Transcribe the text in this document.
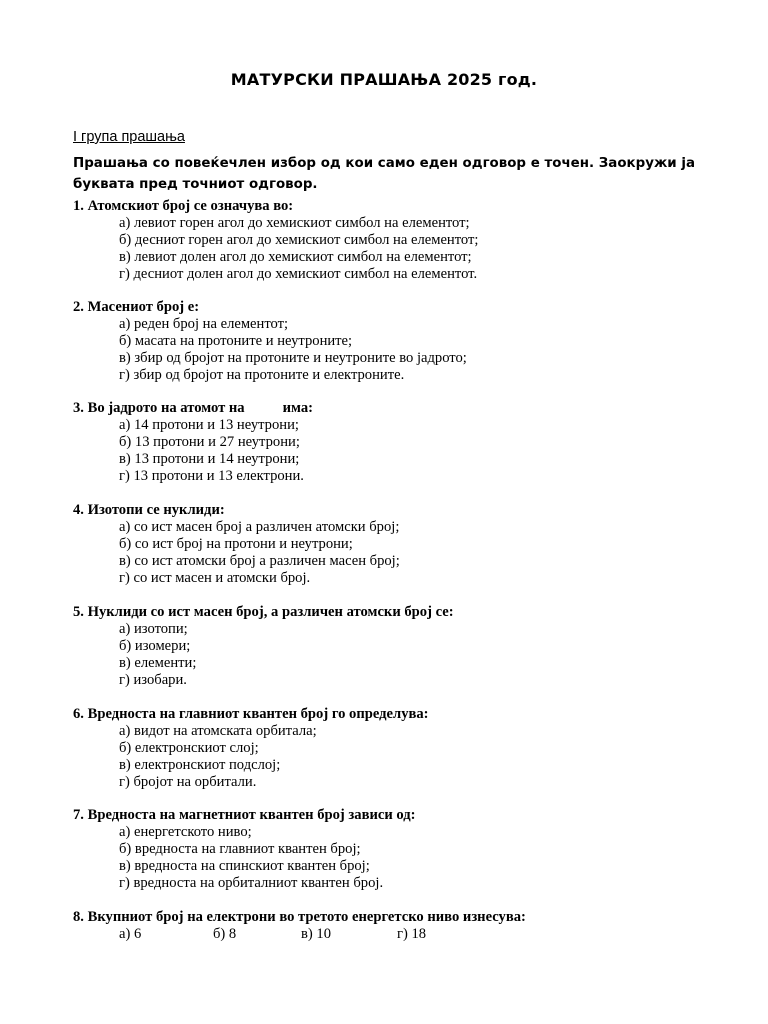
МАТУРСКИ ПРАШАЊА 2025 год.
I група прашања
Прашања со повеќечлен избор од кои само еден одговор е точен. Заокружи ја буквата пред точниот одговор.
1. Атомскиот број се означува во:
а) левиот горен агол до хемискиот симбол на елементот;
б) десниот горен агол до хемискиот симбол на елементот;
в) левиот долен агол до хемискиот симбол на елементот;
г) десниот долен агол до хемискиот симбол на елементот.
2. Масениот број е:
а) реден број на елементот;
б) масата на протоните и неутроните;
в) збир од бројот на протоните и неутроните во јадрото;
г) збир од бројот на протоните и електроните.
3. Во јадрото на атомот на	има:
а) 14 протони и 13 неутрони;
б) 13 протони и 27 неутрони;
в) 13 протони и 14 неутрони;
г) 13 протони и 13 електрони.
4. Изотопи се нуклиди:
а) со ист масен број а различен атомски број;
б) со ист број на протони и неутрони;
в) со ист атомски број а различен масен број;
г) со ист масен и атомски број.
5. Нуклиди со ист масен број, а различен атомски број се:
а) изотопи;
б) изомери;
в) елементи;
г) изобари.
6. Вредноста на главниот квантен број го определува:
а) видот на атомската орбитала;
б) електронскиот слој;
в) електронскиот подслој;
г) бројот на орбитали.
7. Вредноста на магнетниот квантен број зависи од:
а) енергетското ниво;
б) вредноста на главниот квантен број;
в) вредноста на спинскиот квантен број;
г) вредноста на орбиталниот квантен број.
8. Вкупниот број на електрони во третото енергетско ниво изнесува:
а) 6	б) 8	в) 10	г) 18
